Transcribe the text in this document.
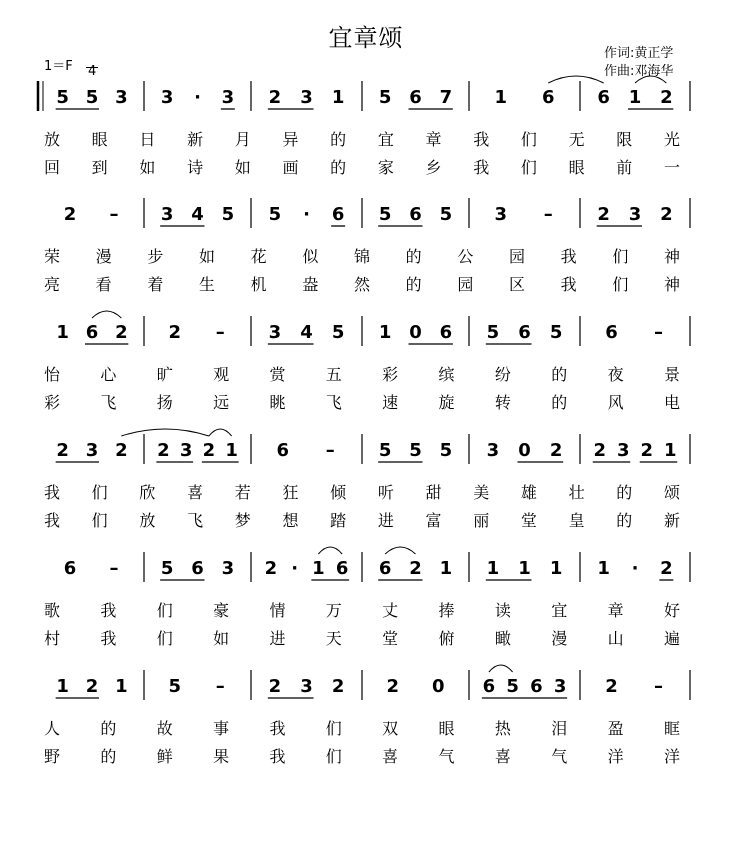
宜章颂
作词:黄正学
作曲:邓海华
1＝F 4
5 5 3 3 · 3 2 3 1 5 6 7 1 6 6 1 2
放 眼 日 新 月 异 的 宜 章 我 们 无 限 光
回 到 如 诗 如 画 的 家 乡 我 们 眼 前 一
2 – 3 4 5 5 · 6 5 6 5 3 – 2 3 2
荣 漫 步 如 花 似 锦 的 公 园 我 们 神
亮 看 着 生 机 盎 然 的 园 区 我 们 神
1 6 2 2 – 3 4 5 1 0 6 5 6 5 6 –
怡	心	旷	观	赏	五	彩	缤	纷	的	夜	景
彩	飞	扬	远	眺	飞	速	旋	转	的	风	电
2 3 2 2 3 2 1 6 – 5 5 5 3 0 2 2 3 2 1
我 们 欣 喜 若 狂 倾 听 甜 美 雄 壮 的 颂
我 们 放 飞 梦 想 踏 进 富 丽 堂 皇 的 新
6 – 5 6 3 2 · 1 6 6 2 1 1 1 1 1 · 2
歌	我	们	豪	情	万	丈	捧	读	宜	章	好
村	我	们	如	进	天	堂	俯	瞰	漫	山	遍
1 2 1 5 – 2 3 2 2 0 6 5 6 3 2 –
人	的	故	事	我	们	双	眼	热	泪	盈	眶
野	的	鲜	果	我	们	喜	气	喜	气	洋	洋
